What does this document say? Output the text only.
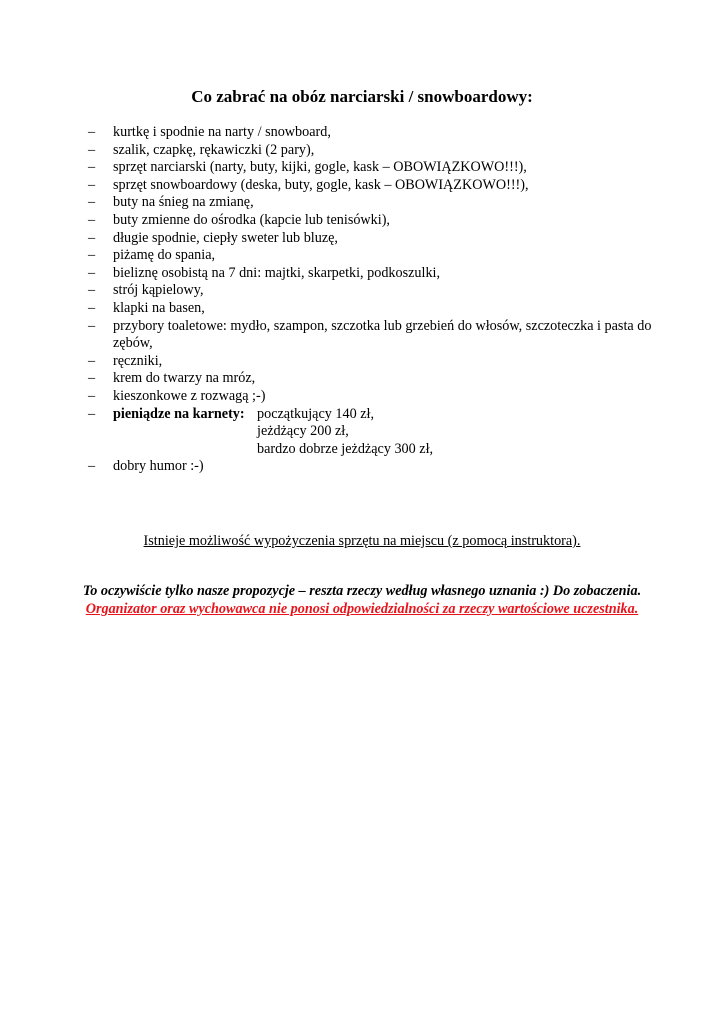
Co zabrać na obóz narciarski / snowboardowy:
– kurtkę i spodnie na narty / snowboard,
– szalik, czapkę, rękawiczki (2 pary),
– sprzęt narciarski (narty, buty, kijki, gogle, kask – OBOWIĄZKOWO!!!),
– sprzęt snowboardowy (deska, buty, gogle, kask – OBOWIĄZKOWO!!!),
– buty na śnieg na zmianę,
– buty zmienne do ośrodka (kapcie lub tenisówki),
– długie spodnie, ciepły sweter lub bluzę,
– piżamę do spania,
– bieliznę osobistą na 7 dni: majtki, skarpetki, podkoszulki,
– strój kąpielowy,
– klapki na basen,
– przybory toaletowe: mydło, szampon, szczotka lub grzebień do włosów, szczoteczka i pasta do zębów,
– ręczniki,
– krem do twarzy na mróz,
– kieszonkowe z rozwagą ;-)
– pieniądze na karnety: początkujący 140 zł,
jeżdżący 200 zł,
bardzo dobrze jeżdżący 300 zł,
– dobry humor :-)
Istnieje możliwość wypożyczenia sprzętu na miejscu (z pomocą instruktora).
To oczywiście tylko nasze propozycje – reszta rzeczy według własnego uznania :) Do zobaczenia.
Organizator oraz wychowawca nie ponosi odpowiedzialności za rzeczy wartościowe uczestnika.
